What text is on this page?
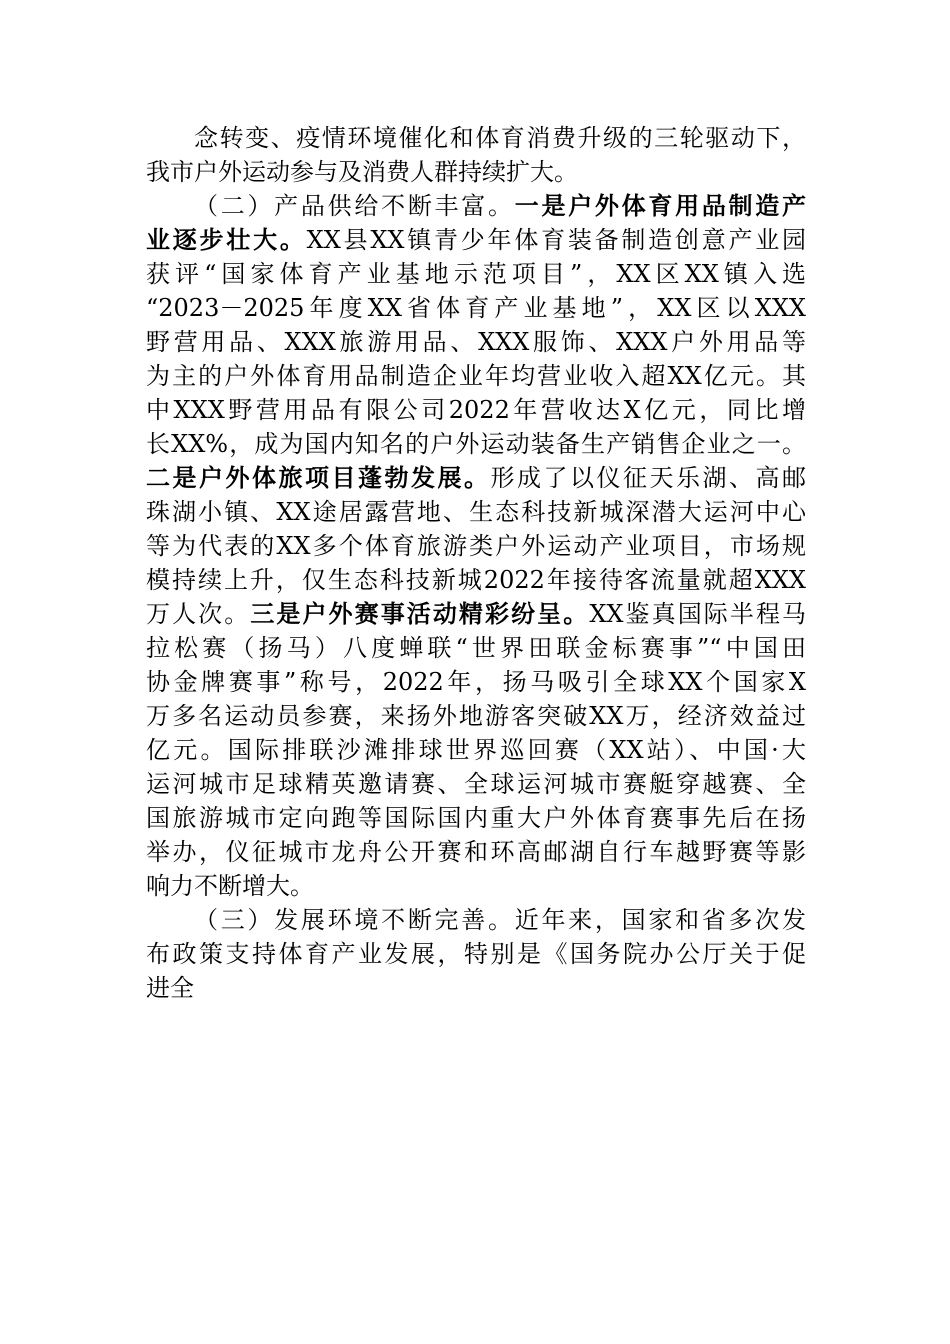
念转变、疫情环境催化和体育消费升级的三轮驱动下，
我市户外运动参与及消费人群持续扩大。
（二）产品供给不断丰富。一是户外体育用品制造产
业逐步壮大。XX县XX镇青少年体育装备制造创意产业园
获评“国家体育产业基地示范项目”，XX区XX镇入选
“2023－2025年度XX省体育产业基地”，XX区以XXX
野营用品、XXX旅游用品、XXX服饰、XXX户外用品等
为主的户外体育用品制造企业年均营业收入超XX亿元。其
中XXX野营用品有限公司2022年营收达X亿元，同比增
长XX%，成为国内知名的户外运动装备生产销售企业之一。
二是户外体旅项目蓬勃发展。形成了以仪征天乐湖、高邮
珠湖小镇、XX途居露营地、生态科技新城深潜大运河中心
等为代表的XX多个体育旅游类户外运动产业项目，市场规
模持续上升，仅生态科技新城2022年接待客流量就超XXX
万人次。三是户外赛事活动精彩纷呈。XX鉴真国际半程马
拉松赛（扬马）八度蝉联“世界田联金标赛事”“中国田
协金牌赛事”称号，2022年，扬马吸引全球XX个国家X
万多名运动员参赛，来扬外地游客突破XX万，经济效益过
亿元。国际排联沙滩排球世界巡回赛（XX站）、中国·大
运河城市足球精英邀请赛、全球运河城市赛艇穿越赛、全
国旅游城市定向跑等国际国内重大户外体育赛事先后在扬
举办，仪征城市龙舟公开赛和环高邮湖自行车越野赛等影
响力不断增大。
（三）发展环境不断完善。近年来，国家和省多次发
布政策支持体育产业发展，特别是《国务院办公厅关于促
进全
